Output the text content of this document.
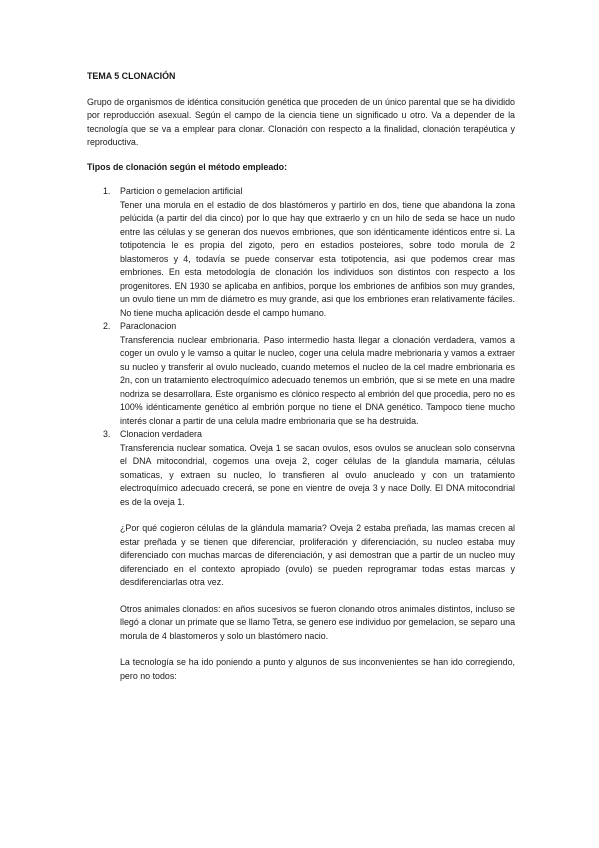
TEMA 5 CLONACIÓN
Grupo de organismos de idéntica consitución genética que proceden de un único parental que se ha dividido por reproducción asexual. Según el campo de la ciencia tiene un significado u otro. Va a depender de la tecnología que se va a emplear para clonar. Clonación con respecto a la finalidad, clonación terapéutica y reproductiva.
Tipos de clonación según el método empleado:
1. Particion o gemelacion artificial
Tener una morula en el estadio de dos blastómeros y partirlo en dos, tiene que abandona la zona pelúcida (a partir del dia cinco) por lo que hay que extraerlo y cn un hilo de seda se hace un nudo entre las células y se generan dos nuevos embriones, que son idénticamente idénticos entre si. La totipotencia le es propia del zigoto, pero en estadios posteiores, sobre todo morula de 2 blastomeros y 4, todavía se puede conservar esta totipotencia, asi que podemos crear mas embriones. En esta metodología de clonación los individuos son distintos con respecto a los progenitores. EN 1930 se aplicaba en anfibios, porque los embriones de anfibios son muy grandes, un ovulo tiene un mm de diámetro es muy grande, asi que los embriones eran relativamente fáciles. No tiene mucha aplicación desde el campo humano.
2. Paraclonacion
Transferencia nuclear embrionaria. Paso intermedio hasta llegar a clonación verdadera, vamos a coger un ovulo y le vamso a quitar le nucleo, coger una celula madre mebrionaria y vamos a extraer su nucleo y transferir al ovulo nucleado, cuando metemos el nucleo de la cel madre embrionaria es 2n, con un tratamiento electroquímico adecuado tenemos un embrión, que si se mete en una madre nodriza se desarrollara. Este organismo es clónico respecto al embrión del que procedia, pero no es 100% idénticamente genético al embrión porque no tiene el DNA genético. Tampoco tiene mucho interés clonar a partir de una celula madre embrionaria que se ha destruida.
3. Clonacion verdadera
Transferencia nuclear somatica. Oveja 1 se sacan ovulos, esos ovulos se anuclean solo conservna el DNA mitocondrial, cogemos una oveja 2, coger células de la glandula mamaria, células somaticas, y extraen su nucleo, lo transfieren al ovulo anucleado y con un tratamiento electroquímico adecuado crecerá, se pone en vientre de oveja 3 y nace Dolly. El DNA mitocondrial es de la oveja 1.

¿Por qué cogieron células de la glándula mamaria? Oveja 2 estaba preñada, las mamas crecen al estar preñada y se tienen que diferenciar, proliferación y diferenciación, su nucleo estaba muy diferenciado con muchas marcas de diferenciación, y asi demostran que a partir de un nucleo muy diferenciado en el contexto apropiado (ovulo) se pueden reprogramar todas estas marcas y desdiferenciarlas otra vez.

Otros animales clonados: en años sucesivos se fueron clonando otros animales distintos, incluso se llegó a clonar un primate que se llamo Tetra, se genero ese individuo por gemelacion, se separo una morula de 4 blastomeros y solo un blastómero nacio.

La tecnología se ha ido poniendo a punto y algunos de sus inconvenientes se han ido corregiendo, pero no todos:
